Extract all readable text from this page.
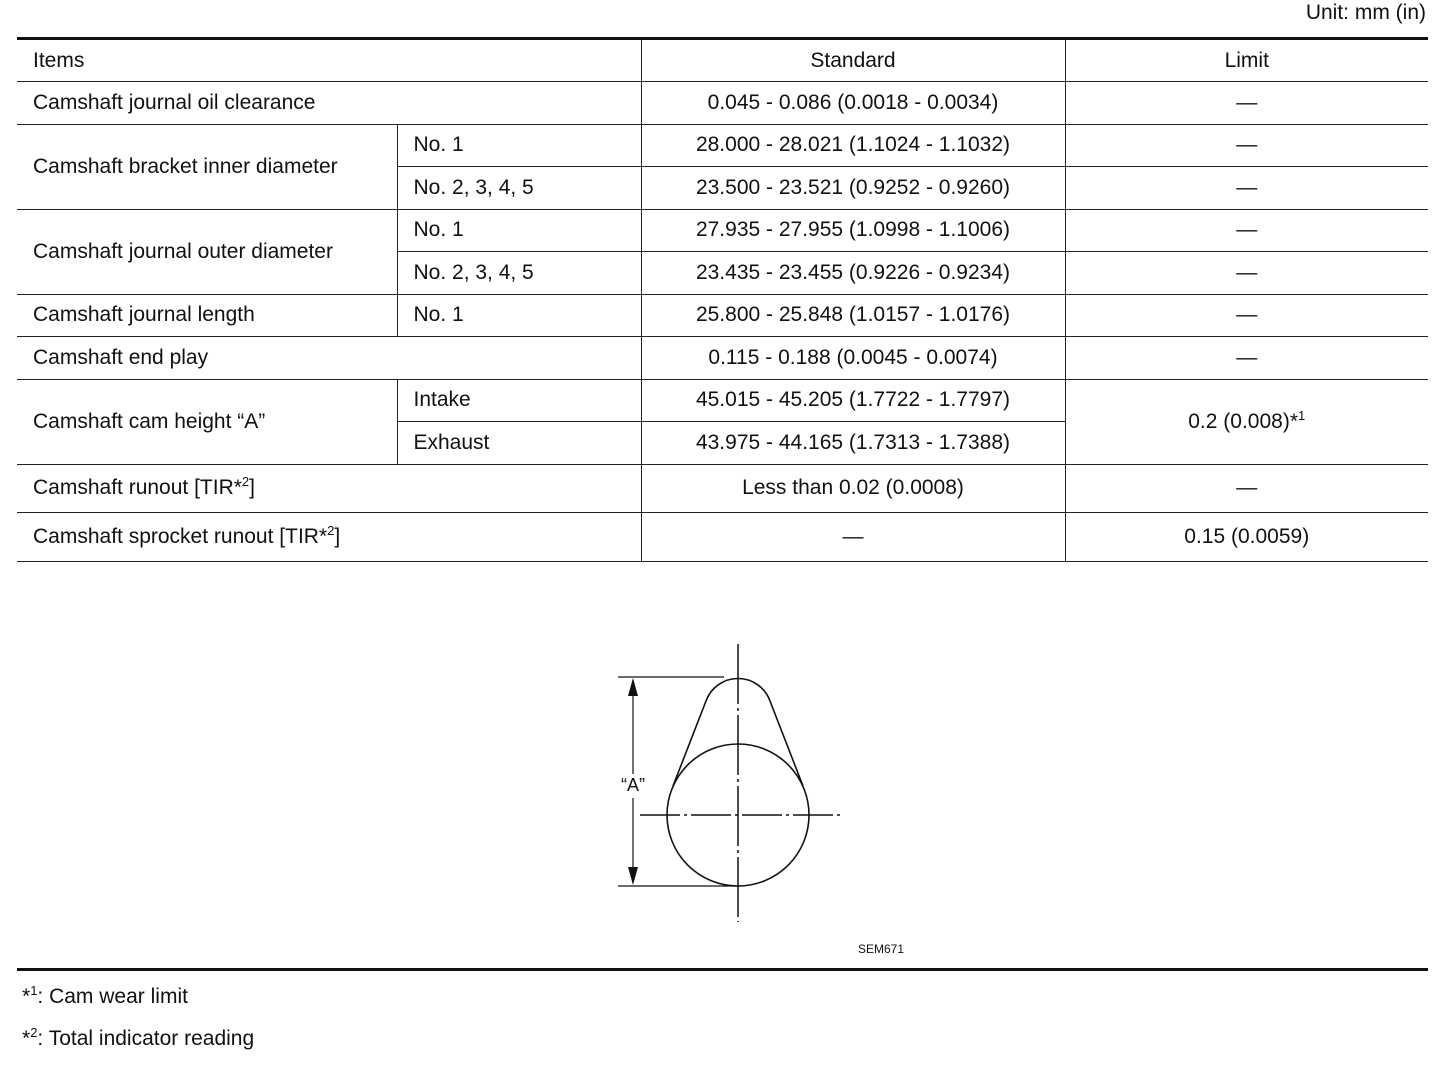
Unit: mm (in)
Items		Standard	Limit
Camshaft journal oil clearance		0.045 - 0.086 (0.0018 - 0.0034)	—
Camshaft bracket inner diameter	No. 1	28.000 - 28.021 (1.1024 - 1.1032)	—
	No. 2, 3, 4, 5	23.500 - 23.521 (0.9252 - 0.9260)	—
Camshaft journal outer diameter	No. 1	27.935 - 27.955 (1.0998 - 1.1006)	—
	No. 2, 3, 4, 5	23.435 - 23.455 (0.9226 - 0.9234)	—
Camshaft journal length	No. 1	25.800 - 25.848 (1.0157 - 1.0176)	—
Camshaft end play		0.115 - 0.188 (0.0045 - 0.0074)	—
Camshaft cam height “A”	Intake	45.015 - 45.205 (1.7722 - 1.7797)	0.2 (0.008)*$^1$
	Exhaust	43.975 - 44.165 (1.7313 - 1.7388)	
Camshaft runout [TIR*$^2$]		Less than 0.02 (0.0008)	—
Camshaft sprocket runout [TIR*$^2$]		—	0.15 (0.0059)
“A”
SEM671
*$^1$: Cam wear limit
*$^2$: Total indicator reading
